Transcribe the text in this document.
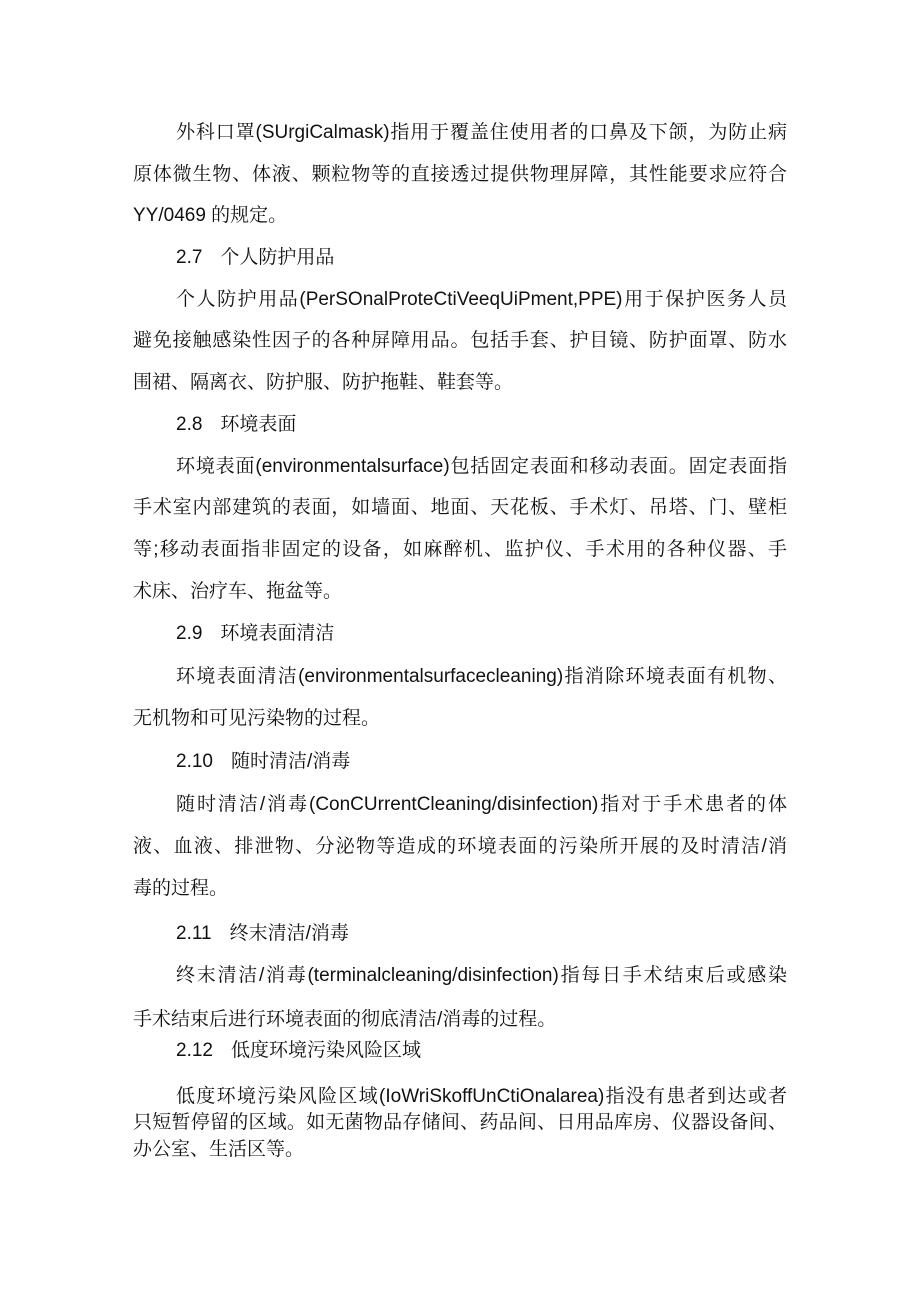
外科口罩(SUrgiCalmask)指用于覆盖住使用者的口鼻及下颌，为防止病
原体微生物、体液、颗粒物等的直接透过提供物理屏障，其性能要求应符合
YY/0469 的规定。
2.7 个人防护用品
个人防护用品(PerSOnalProteCtiVeeqUiPment,PPE)用于保护医务人员
避免接触感染性因子的各种屏障用品。包括手套、护目镜、防护面罩、防水
围裙、隔离衣、防护服、防护拖鞋、鞋套等。
2.8 环境表面
环境表面(environmentalsurface)包括固定表面和移动表面。固定表面指
手术室内部建筑的表面，如墙面、地面、天花板、手术灯、吊塔、门、壁柜
等;移动表面指非固定的设备，如麻醉机、监护仪、手术用的各种仪器、手
术床、治疗车、拖盆等。
2.9 环境表面清洁
环境表面清洁(environmentalsurfacecleaning)指消除环境表面有机物、
无机物和可见污染物的过程。
2.10 随时清洁/消毒
随时清洁/消毒(ConCUrrentCleaning/disinfection)指对于手术患者的体
液、血液、排泄物、分泌物等造成的环境表面的污染所开展的及时清洁/消
毒的过程。
2.11 终末清洁/消毒
终末清洁/消毒(terminalcleaning/disinfection)指每日手术结束后或感染
手术结束后进行环境表面的彻底清洁/消毒的过程。
2.12 低度环境污染风险区域
低度环境污染风险区域(IoWriSkoffUnCtiOnalarea)指没有患者到达或者
只短暂停留的区域。如无菌物品存储间、药品间、日用品库房、仪器设备间、
办公室、生活区等。
